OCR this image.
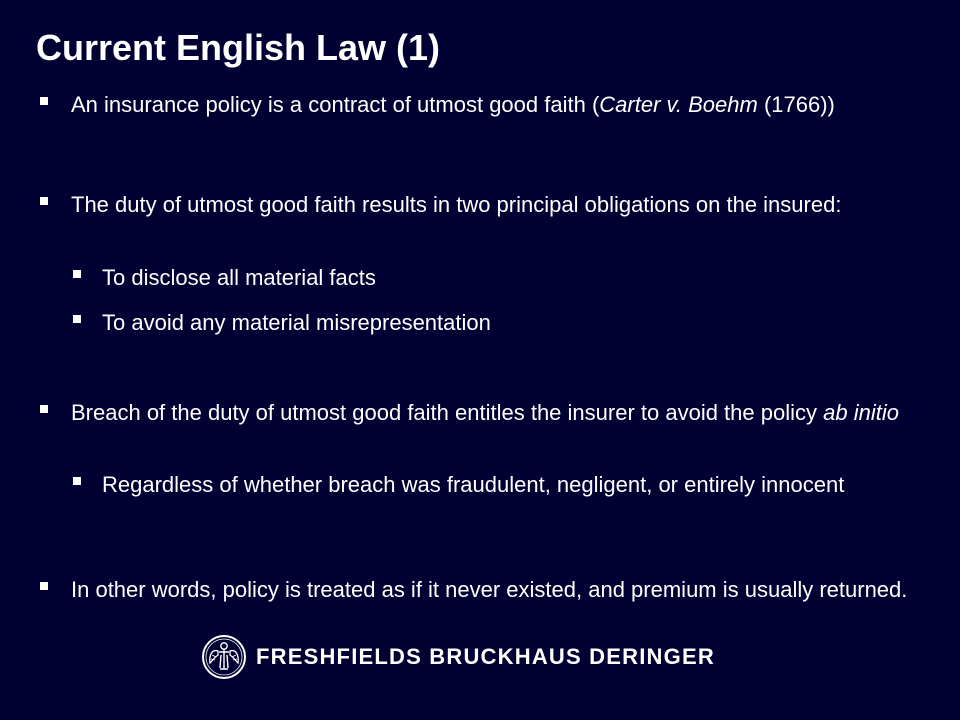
Current English Law (1)
An insurance policy is a contract of utmost good faith (Carter v. Boehm (1766))
The duty of utmost good faith results in two principal obligations on the insured:
To disclose all material facts
To avoid any material misrepresentation
Breach of the duty of utmost good faith entitles the insurer to avoid the policy ab initio
Regardless of whether breach was fraudulent, negligent, or entirely innocent
In other words, policy is treated as if it never existed, and premium is usually returned.
FRESHFIELDS BRUCKHAUS DERINGER
